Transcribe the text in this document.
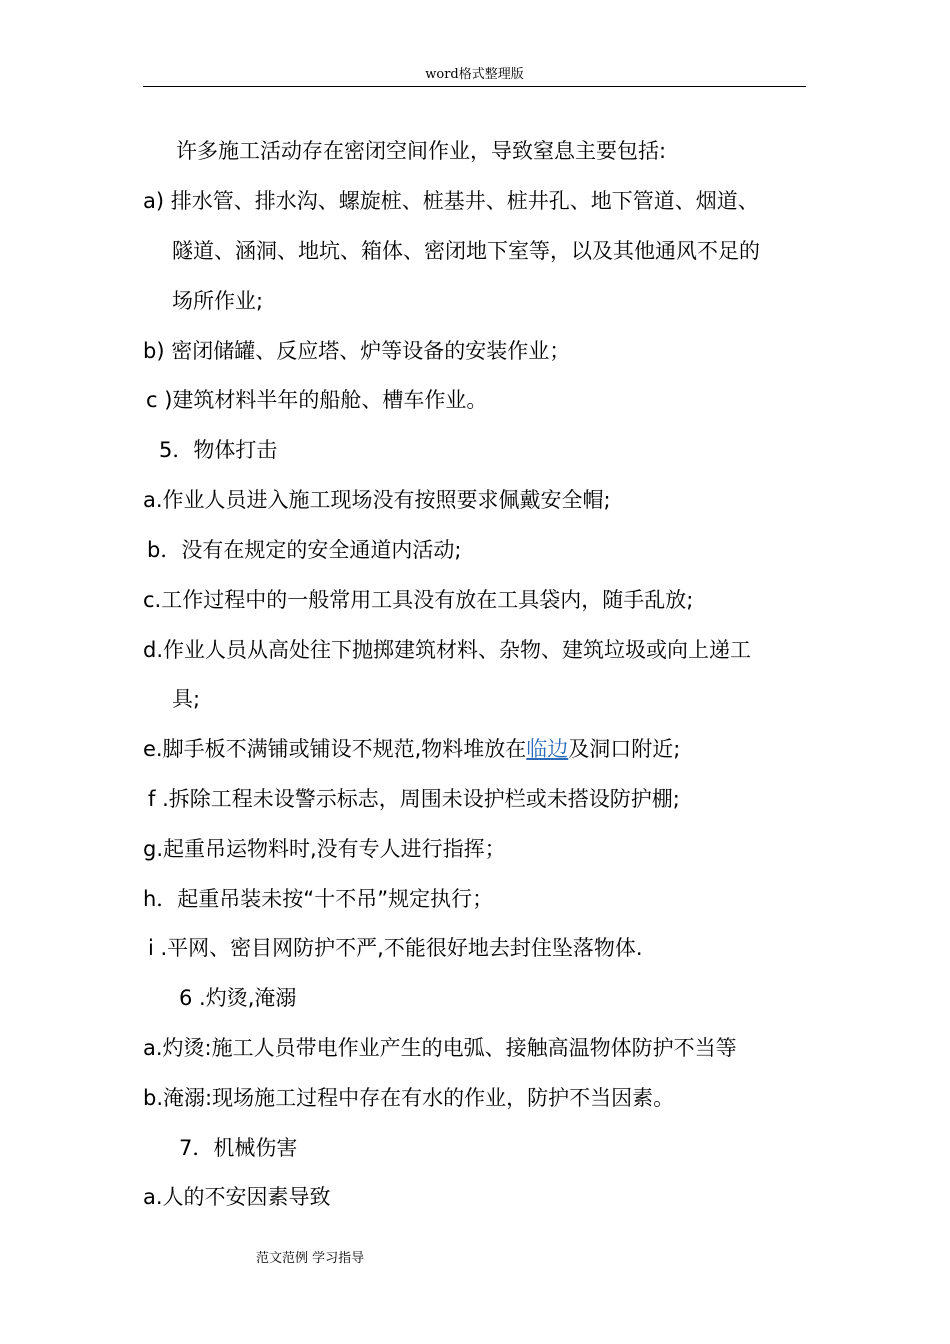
word格式整理版
许多施工活动存在密闭空间作业，导致窒息主要包括:
a) 排水管、排水沟、螺旋桩、桩基井、桩井孔、地下管道、烟道、
隧道、涵洞、地坑、箱体、密闭地下室等，以及其他通风不足的
场所作业;
b) 密闭储罐、反应塔、炉等设备的安装作业；
c )建筑材料半年的船舱、槽车作业。
5．物体打击
a.作业人员进入施工现场没有按照要求佩戴安全帽;
b．没有在规定的安全通道内活动;
c.工作过程中的一般常用工具没有放在工具袋内，随手乱放;
d.作业人员从高处往下抛掷建筑材料、杂物、建筑垃圾或向上递工
具;
e.脚手板不满铺或铺设不规范,物料堆放在临边及洞口附近;
f .拆除工程未设警示标志，周围未设护栏或未搭设防护棚;
g.起重吊运物料时,没有专人进行指挥；
h．起重吊装未按“十不吊”规定执行；
i .平网、密目网防护不严,不能很好地去封住坠落物体.
6 .灼烫,淹溺
a.灼烫:施工人员带电作业产生的电弧、接触高温物体防护不当等
b.淹溺:现场施工过程中存在有水的作业，防护不当因素。
7．机械伤害
a.人的不安因素导致
范文范例 学习指导
